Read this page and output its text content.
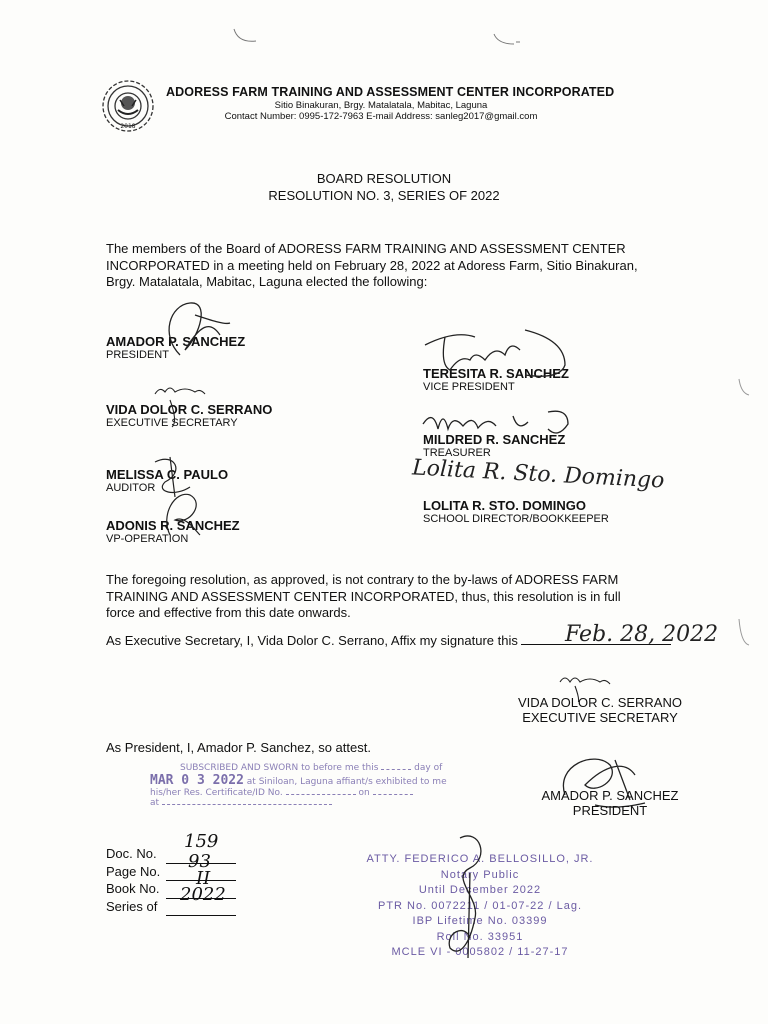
2018
ADORESS FARM TRAINING AND ASSESSMENT CENTER INCORPORATED
Sitio Binakuran, Brgy. Matalatala, Mabitac, Laguna
Contact Number: 0995-172-7963 E-mail Address: sanleg2017@gmail.com
BOARD RESOLUTION
RESOLUTION NO. 3, SERIES OF 2022
The members of the Board of ADORESS FARM TRAINING AND ASSESSMENT CENTER
INCORPORATED in a meeting held on February 28, 2022 at Adoress Farm, Sitio Binakuran,
Brgy. Matalatala, Mabitac, Laguna elected the following:
AMADOR P. SANCHEZ
PRESIDENT
VIDA DOLOR C. SERRANO
EXECUTIVE SECRETARY
MELISSA C. PAULO
AUDITOR
ADONIS R. SANCHEZ
VP-OPERATION
TERESITA R. SANCHEZ
VICE PRESIDENT
MILDRED R. SANCHEZ
TREASURER
LOLITA R. STO. DOMINGO
SCHOOL DIRECTOR/BOOKKEEPER
Lolita R. Sto. Domingo
The foregoing resolution, as approved, is not contrary to the by-laws of ADORESS FARM
TRAINING AND ASSESSMENT CENTER INCORPORATED, thus, this resolution is in full
force and effective from this date onwards.
As Executive Secretary, I, Vida Dolor C. Serrano, Affix my signature this	Feb. 28, 2022
VIDA DOLOR C. SERRANO
EXECUTIVE SECRETARY
As President, I, Amador P. Sanchez, so attest.
SUBSCRIBED AND SWORN to before me this	day of
MAR 0 3 2022 at Siniloan, Laguna affiant/s exhibited to me
his/her Res. Certificate/ID No.	on
at	AMADOR P. SANCHEZ
PRESIDENT
Doc. No.
159

Page No. 93

Book No. II

Series of
2022

ATTY. FEDERICO A. BELLOSILLO, JR.
Notary Public
Until December 2022
PTR No. 0072211 / 01-07-22 / Lag.
IBP Lifetime No. 03399
Roll No. 33951
MCLE VI - 0005802 / 11-27-17
